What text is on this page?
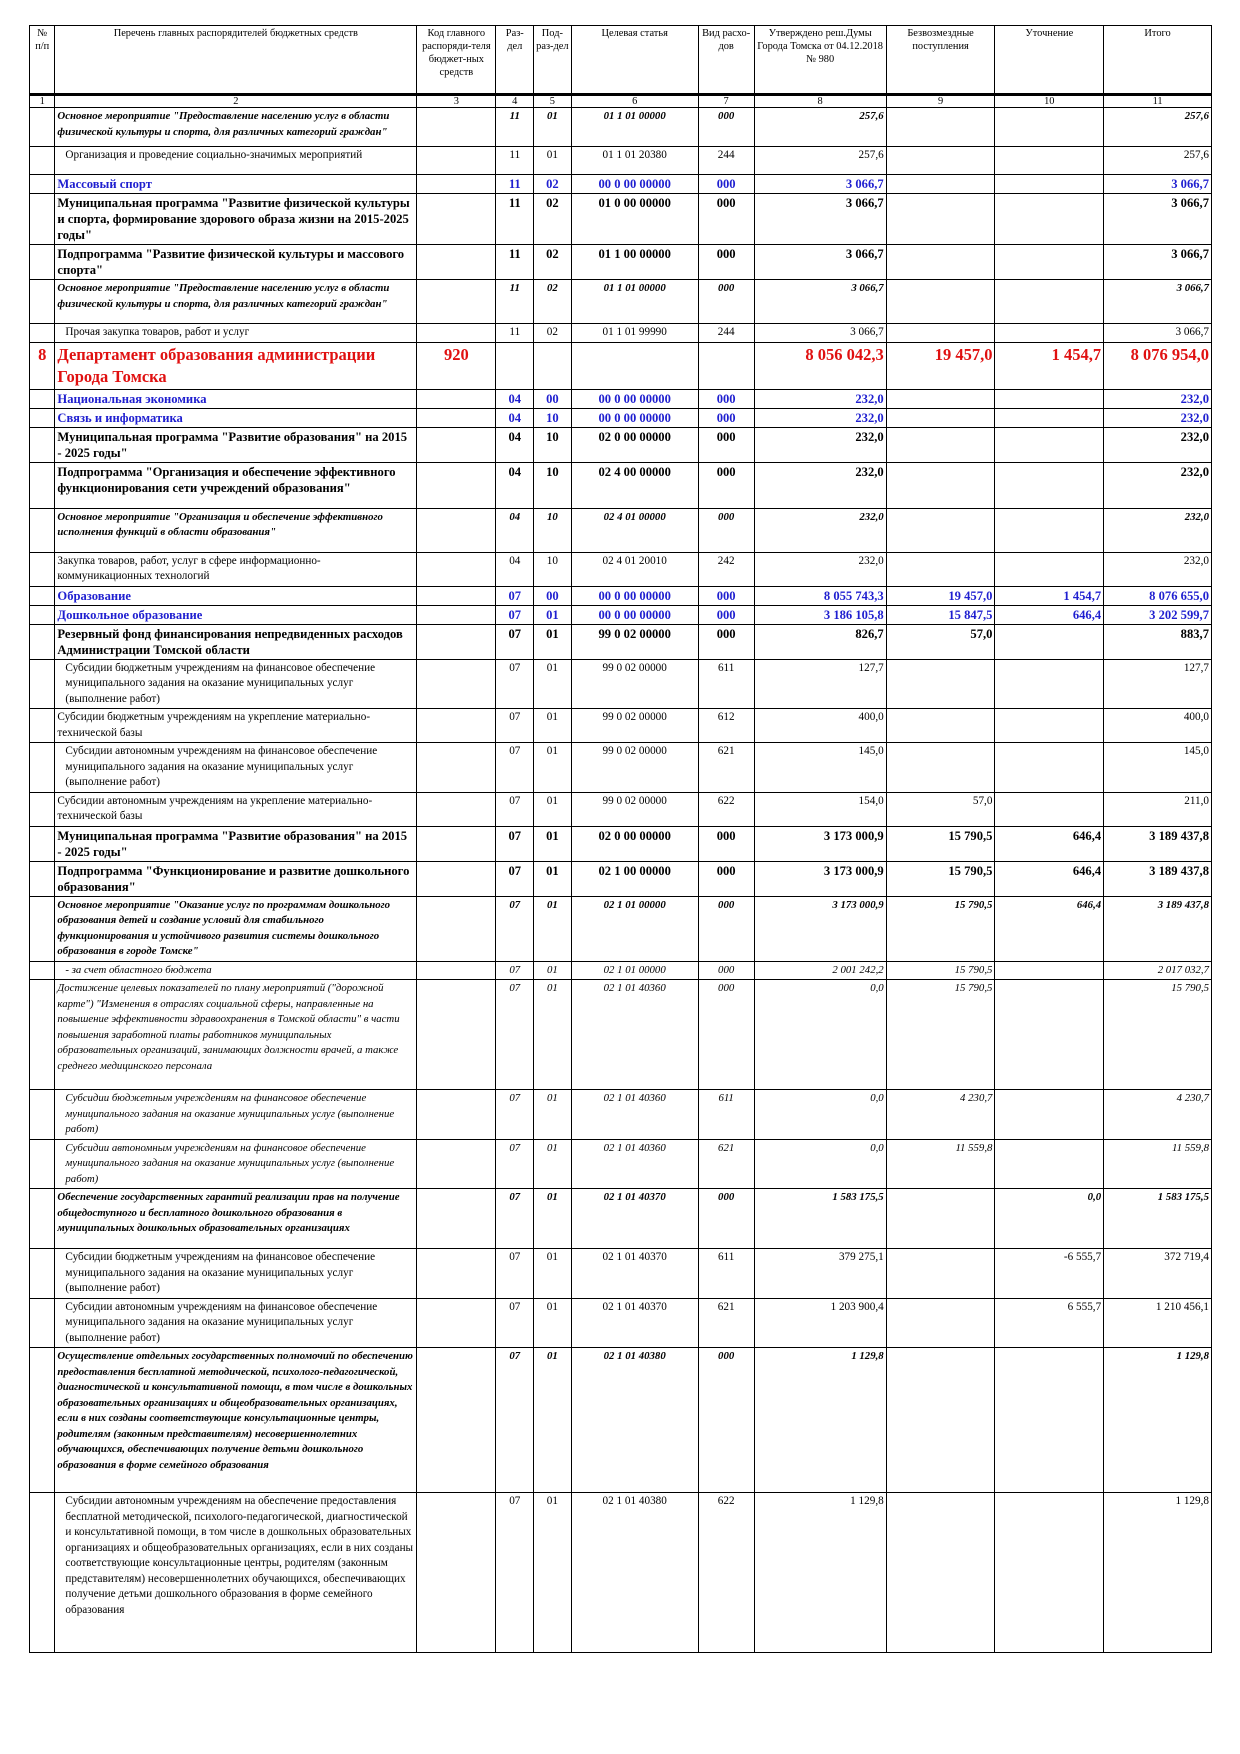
№ п/п	Перечень главных распорядителей бюджетных средств	Код главного распоряди-теля бюджет-ных средств	Раз-дел	Под-раз-дел	Целевая статья	Вид расхо-дов	Утверждено реш.Думы Города Томска от 04.12.2018 № 980	Безвозмездные поступления	Уточнение	Итого
1	2	3	4	5	6	7	8	9	10	11
	Основное мероприятие "Предоставление населению услуг в области физической культуры и спорта, для различных категорий граждан"		11	01	01 1 01 00000	000	257,6			257,6
	Организация и проведение социально-значимых мероприятий		11	01	01 1 01 20380	244	257,6			257,6
	Массовый спорт		11	02	00 0 00 00000	000	3 066,7			3 066,7
	Муниципальная программа "Развитие физической культуры и спорта, формирование здорового образа жизни на 2015-2025 годы"		11	02	01 0 00 00000	000	3 066,7			3 066,7
	Подпрограмма "Развитие физической культуры и массового спорта"		11	02	01 1 00 00000	000	3 066,7			3 066,7
	Основное мероприятие "Предоставление населению услуг в области физической культуры и спорта, для различных категорий граждан"		11	02	01 1 01 00000	000	3 066,7			3 066,7
	Прочая закупка товаров, работ и услуг		11	02	01 1 01 99990	244	3 066,7			3 066,7
8	Департамент образования администрации Города Томска	920					8 056 042,3	19 457,0	1 454,7	8 076 954,0
	Национальная экономика		04	00	00 0 00 00000	000	232,0			232,0
	Связь и информатика		04	10	00 0 00 00000	000	232,0			232,0
	Муниципальная программа "Развитие образования" на 2015 - 2025 годы"		04	10	02 0 00 00000	000	232,0			232,0
	Подпрограмма "Организация и обеспечение эффективного функционирования сети учреждений образования"		04	10	02 4 00 00000	000	232,0			232,0
	Основное мероприятие "Организация и обеспечение эффективного исполнения функций в области образования"		04	10	02 4 01 00000	000	232,0			232,0
	Закупка товаров, работ, услуг в сфере информационно-коммуникационных технологий		04	10	02 4 01 20010	242	232,0			232,0
	Образование		07	00	00 0 00 00000	000	8 055 743,3	19 457,0	1 454,7	8 076 655,0
	Дошкольное образование		07	01	00 0 00 00000	000	3 186 105,8	15 847,5	646,4	3 202 599,7
	Резервный фонд финансирования непредвиденных расходов Администрации Томской области		07	01	99 0 02 00000	000	826,7	57,0		883,7
	Субсидии бюджетным учреждениям на финансовое обеспечение муниципального задания на оказание муниципальных услуг (выполнение работ)		07	01	99 0 02 00000	611	127,7			127,7
	Субсидии бюджетным учреждениям на укрепление материально-технической базы		07	01	99 0 02 00000	612	400,0			400,0
	Субсидии автономным учреждениям на финансовое обеспечение муниципального задания на оказание муниципальных услуг (выполнение работ)		07	01	99 0 02 00000	621	145,0			145,0
	Субсидии автономным учреждениям на укрепление материально-технической базы		07	01	99 0 02 00000	622	154,0	57,0		211,0
	Муниципальная программа "Развитие образования" на 2015 - 2025 годы"		07	01	02 0 00 00000	000	3 173 000,9	15 790,5	646,4	3 189 437,8
	Подпрограмма "Функционирование и развитие дошкольного образования"		07	01	02 1 00 00000	000	3 173 000,9	15 790,5	646,4	3 189 437,8
	Основное мероприятие "Оказание услуг по программам дошкольного образования детей и создание условий для стабильного функционирования и устойчивого развития системы дошкольного образования в городе Томске"		07	01	02 1 01 00000	000	3 173 000,9	15 790,5	646,4	3 189 437,8
	- за счет областного бюджета		07	01	02 1 01 00000	000	2 001 242,2	15 790,5		2 017 032,7
	Достижение целевых показателей по плану мероприятий ("дорожной карте") "Изменения в отраслях социальной сферы, направленные на повышение эффективности здравоохранения в Томской области" в части повышения заработной платы работников муниципальных образовательных организаций, занимающих должности врачей, а также среднего медицинского персонала		07	01	02 1 01 40360	000	0,0	15 790,5		15 790,5
	Субсидии бюджетным учреждениям на финансовое обеспечение муниципального задания на оказание муниципальных услуг (выполнение работ)		07	01	02 1 01 40360	611	0,0	4 230,7		4 230,7
	Субсидии автономным учреждениям на финансовое обеспечение муниципального задания на оказание муниципальных услуг (выполнение работ)		07	01	02 1 01 40360	621	0,0	11 559,8		11 559,8
	Обеспечение государственных гарантий реализации прав на получение общедоступного и бесплатного дошкольного образования в муниципальных дошкольных образовательных организациях		07	01	02 1 01 40370	000	1 583 175,5		0,0	1 583 175,5
	Субсидии бюджетным учреждениям на финансовое обеспечение муниципального задания на оказание муниципальных услуг (выполнение работ)		07	01	02 1 01 40370	611	379 275,1		-6 555,7	372 719,4
	Субсидии автономным учреждениям на финансовое обеспечение муниципального задания на оказание муниципальных услуг (выполнение работ)		07	01	02 1 01 40370	621	1 203 900,4		6 555,7	1 210 456,1
	Осуществление отдельных государственных полномочий по обеспечению предоставления бесплатной методической, психолого-педагогической, диагностической и консультативной помощи, в том числе в дошкольных образовательных организациях и общеобразовательных организациях, если в них созданы соответствующие консультационные центры, родителям (законным представителям) несовершеннолетних обучающихся, обеспечивающих получение детьми дошкольного образования в форме семейного образования		07	01	02 1 01 40380	000	1 129,8			1 129,8
	Субсидии автономным учреждениям на обеспечение предоставления бесплатной методической, психолого-педагогической, диагностической и консультативной помощи, в том числе в дошкольных образовательных организациях и общеобразовательных организациях, если в них созданы соответствующие консультационные центры, родителям (законным представителям) несовершеннолетних обучающихся, обеспечивающих получение детьми дошкольного образования в форме семейного образования		07	01	02 1 01 40380	622	1 129,8			1 129,8
